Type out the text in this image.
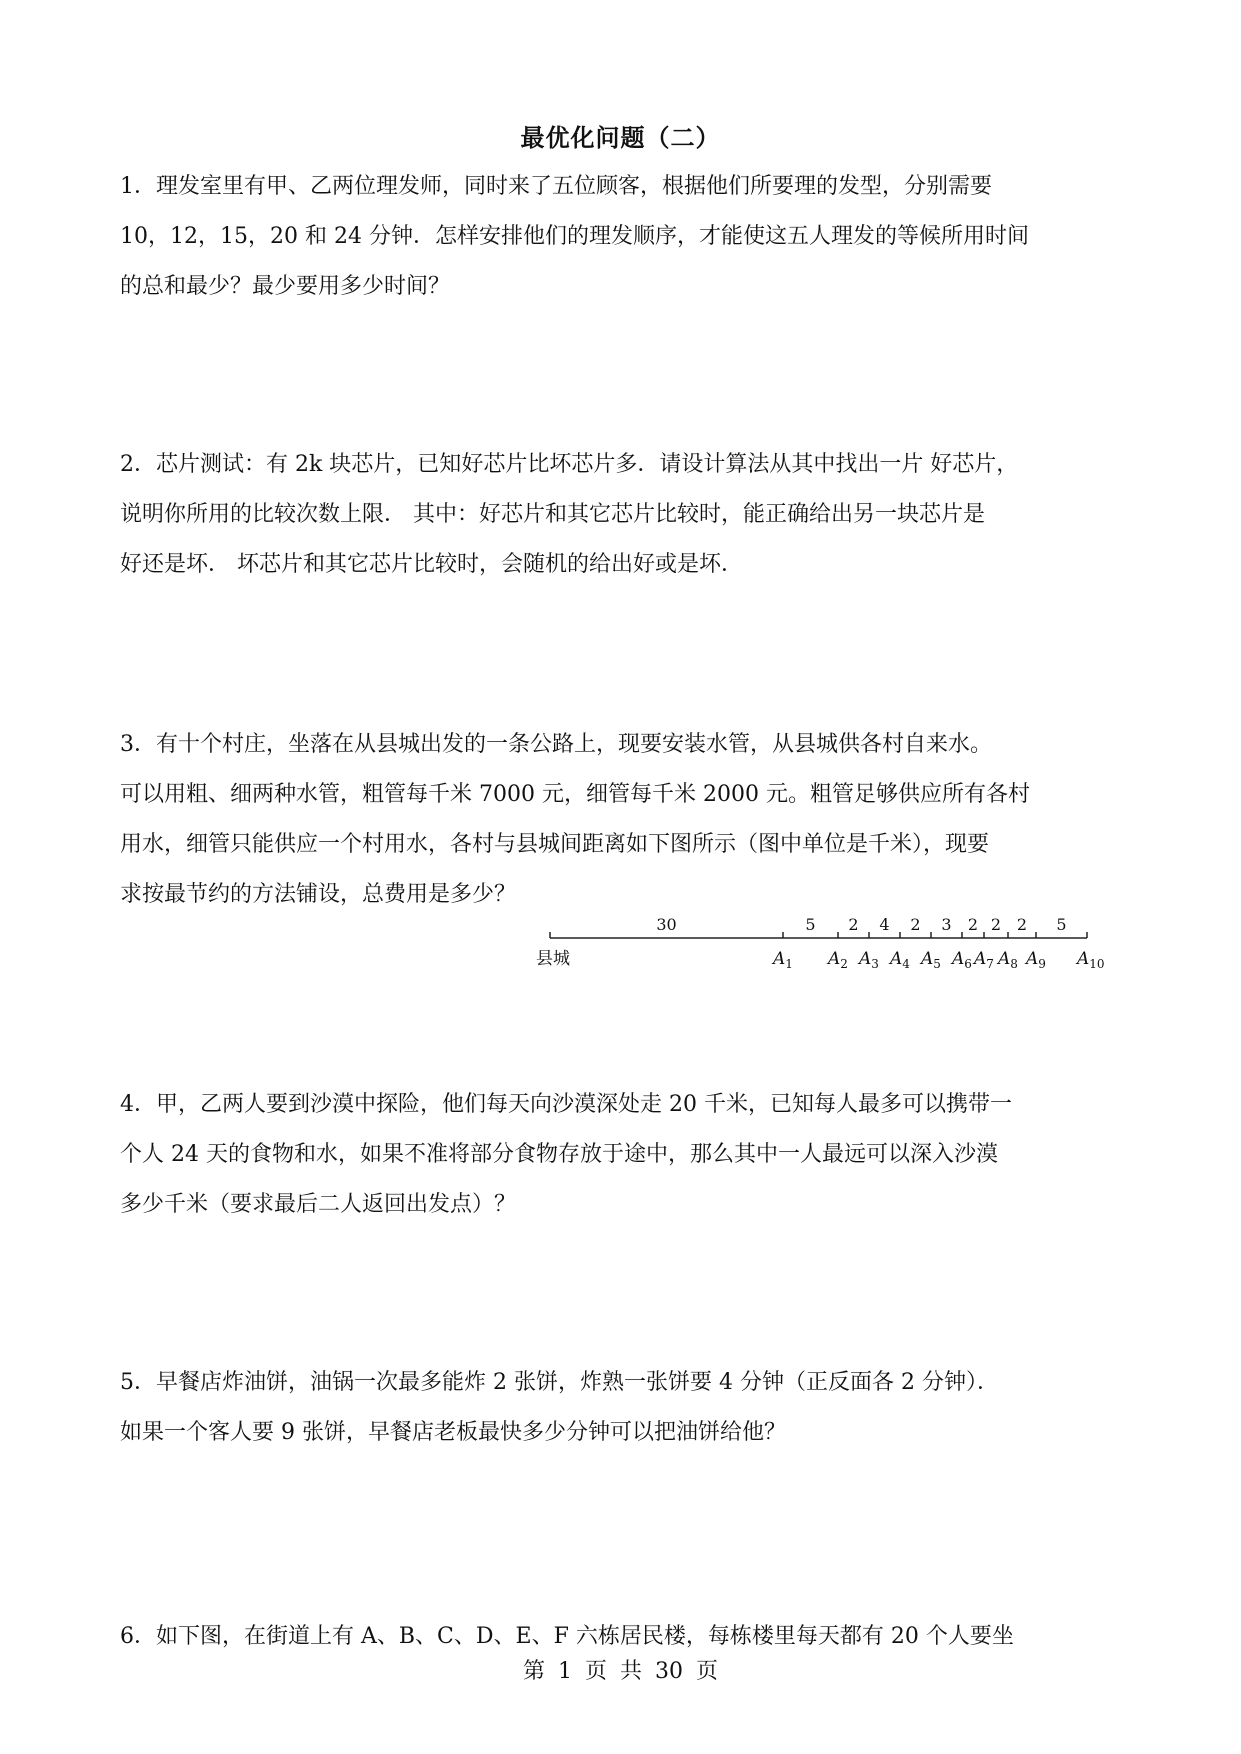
最优化问题（二）
1．理发室里有甲、乙两位理发师，同时来了五位顾客，根据他们所要理的发型，分别需要
10，12，15，20 和 24 分钟．怎样安排他们的理发顺序，才能使这五人理发的等候所用时间
的总和最少？最少要用多少时间？
2．芯片测试：有 2k 块芯片，已知好芯片比坏芯片多．请设计算法从其中找出一片 好芯片，
说明你所用的比较次数上限． 其中：好芯片和其它芯片比较时，能正确给出另一块芯片是
好还是坏． 坏芯片和其它芯片比较时，会随机的给出好或是坏．
3．有十个村庄，坐落在从县城出发的一条公路上，现要安装水管，从县城供各村自来水。
可以用粗、细两种水管，粗管每千米 7000 元，细管每千米 2000 元。粗管足够供应所有各村
用水，细管只能供应一个村用水，各村与县城间距离如下图所示（图中单位是千米），现要
求按最节约的方法铺设，总费用是多少？
30	5 2 4 2 3 2 2 2 5
县城	$A_1$ $A_2$ $A_3$ $A_4$ $A_5$ $A_6$ $A_7$ $A_8$ $A_9$ $A_{10}$
4．甲，乙两人要到沙漠中探险，他们每天向沙漠深处走 20 千米，已知每人最多可以携带一
个人 24 天的食物和水，如果不准将部分食物存放于途中，那么其中一人最远可以深入沙漠
多少千米（要求最后二人返回出发点）？
5．早餐店炸油饼，油锅一次最多能炸 2 张饼，炸熟一张饼要 4 分钟（正反面各 2 分钟）．
如果一个客人要 9 张饼，早餐店老板最快多少分钟可以把油饼给他？
6．如下图，在街道上有 A、B、C、D、E、F 六栋居民楼，每栋楼里每天都有 20 个人要坐
第 1 页 共 30 页
